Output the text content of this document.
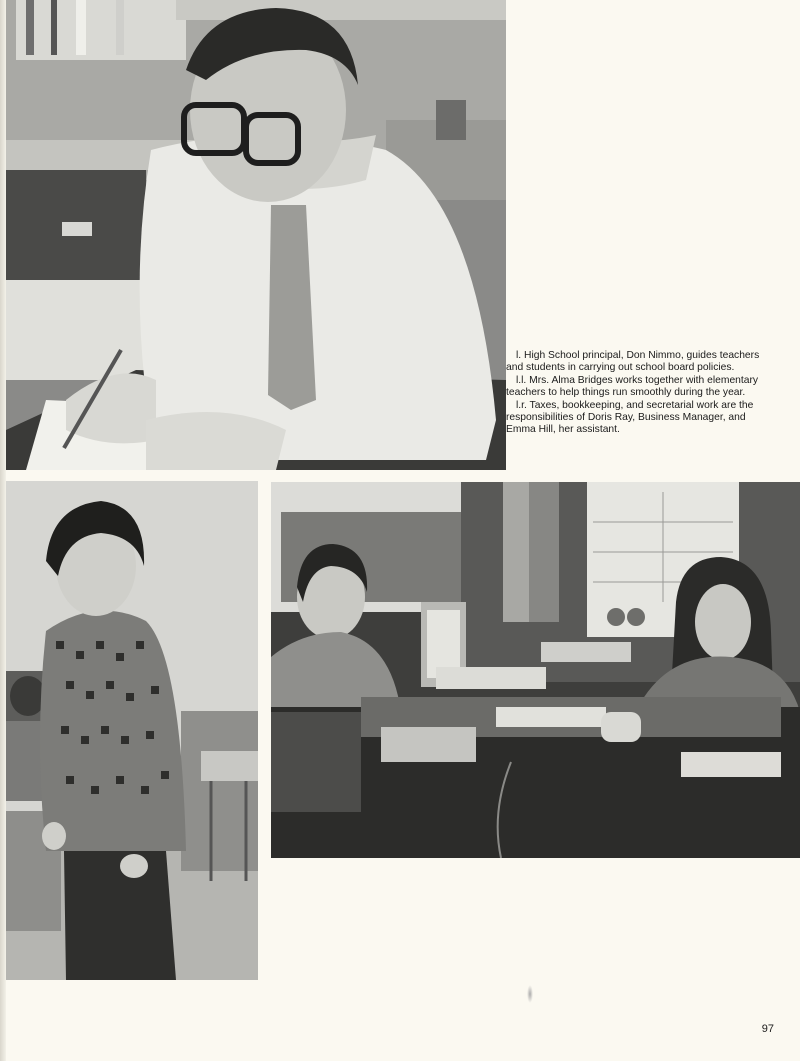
l. High School principal, Don Nimmo, guides teachers and students in carrying out school board policies.

l.l. Mrs. Alma Bridges works together with elementary teachers to help things run smoothly during the year.

l.r. Taxes, bookkeeping, and secretarial work are the responsibilities of Doris Ray, Business Manager, and Emma Hill, her assistant.

97
